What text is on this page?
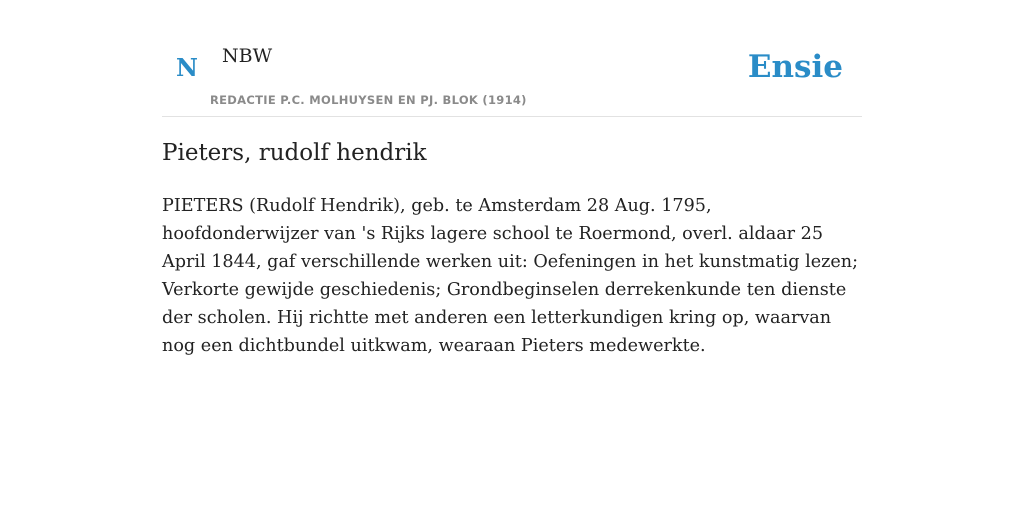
N NBW
REDACTIE P.C. MOLHUYSEN EN PJ. BLOK (1914)
Ensie
Pieters, rudolf hendrik

PIETERS (Rudolf Hendrik), geb. te Amsterdam 28 Aug. 1795, hoofdonderwijzer van 's Rijks lagere school te Roermond, overl. aldaar 25 April 1844, gaf verschillende werken uit: Oefeningen in het kunstmatig lezen; Verkorte gewijde geschiedenis; Grondbeginselen derrekenkunde ten dienste der scholen. Hij richtte met anderen een letterkundigen kring op, waarvan nog een dichtbundel uitkwam, wearaan Pieters medewerkte.
